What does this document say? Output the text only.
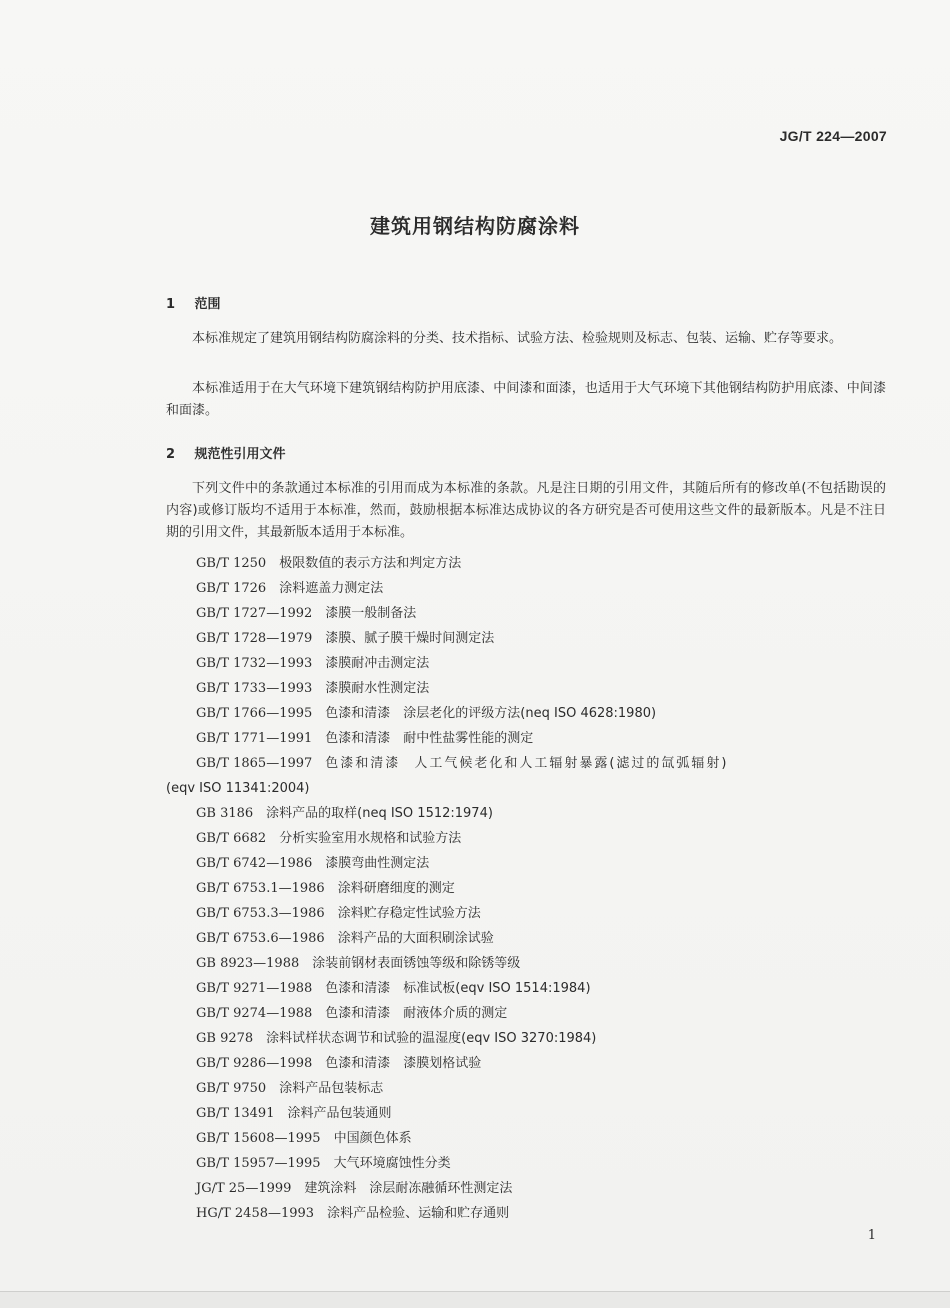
JG/T 224—2007
建筑用钢结构防腐涂料
1 范围
本标准规定了建筑用钢结构防腐涂料的分类、技术指标、试验方法、检验规则及标志、包装、运输、贮存等要求。
本标准适用于在大气环境下建筑钢结构防护用底漆、中间漆和面漆，也适用于大气环境下其他钢结构防护用底漆、中间漆和面漆。
2 规范性引用文件
下列文件中的条款通过本标准的引用而成为本标准的条款。凡是注日期的引用文件，其随后所有的修改单(不包括勘误的内容)或修订版均不适用于本标准，然而，鼓励根据本标准达成协议的各方研究是否可使用这些文件的最新版本。凡是不注日期的引用文件，其最新版本适用于本标准。
GB/T 1250 极限数值的表示方法和判定方法
GB/T 1726 涂料遮盖力测定法
GB/T 1727—1992 漆膜一般制备法
GB/T 1728—1979 漆膜、腻子膜干燥时间测定法
GB/T 1732—1993 漆膜耐冲击测定法
GB/T 1733—1993 漆膜耐水性测定法
GB/T 1766—1995 色漆和清漆　涂层老化的评级方法(neq ISO 4628:1980)
GB/T 1771—1991 色漆和清漆　耐中性盐雾性能的测定
GB/T 1865—1997 色漆和清漆 人工气候老化和人工辐射暴露(滤过的氙弧辐射)
(eqv ISO 11341:2004)
GB 3186 涂料产品的取样(neq ISO 1512:1974)
GB/T 6682 分析实验室用水规格和试验方法
GB/T 6742—1986 漆膜弯曲性测定法
GB/T 6753.1—1986 涂料研磨细度的测定
GB/T 6753.3—1986 涂料贮存稳定性试验方法
GB/T 6753.6—1986 涂料产品的大面积刷涂试验
GB 8923—1988 涂装前钢材表面锈蚀等级和除锈等级
GB/T 9271—1988 色漆和清漆　标准试板(eqv ISO 1514:1984)
GB/T 9274—1988 色漆和清漆　耐液体介质的测定
GB 9278 涂料试样状态调节和试验的温湿度(eqv ISO 3270:1984)
GB/T 9286—1998 色漆和清漆　漆膜划格试验
GB/T 9750 涂料产品包装标志
GB/T 13491 涂料产品包装通则
GB/T 15608—1995 中国颜色体系
GB/T 15957—1995 大气环境腐蚀性分类
JG/T 25—1999 建筑涂料　涂层耐冻融循环性测定法
HG/T 2458—1993 涂料产品检验、运输和贮存通则
1
